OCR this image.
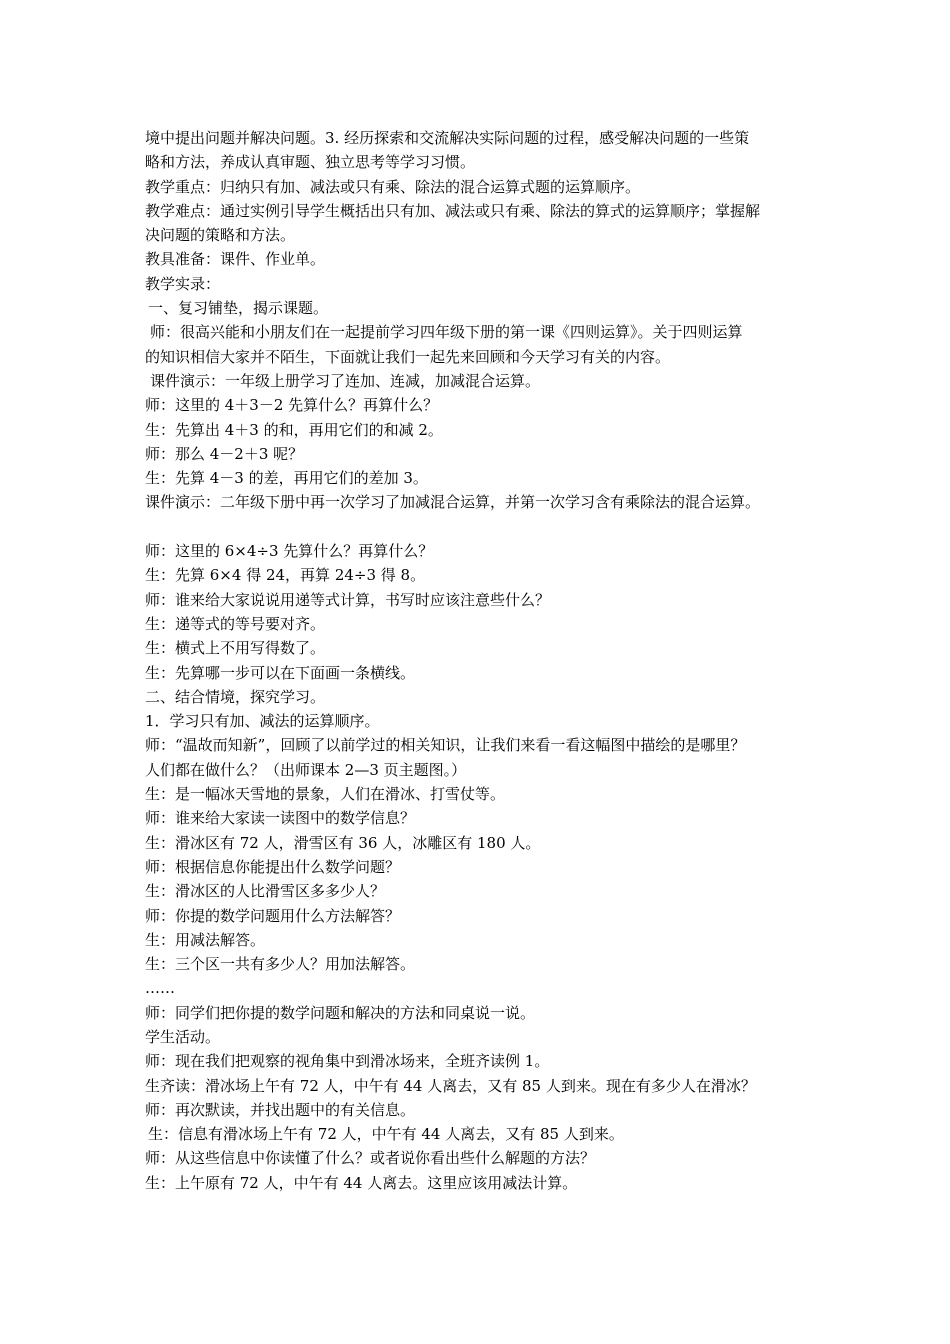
境中提出问题并解决问题。3. 经历探索和交流解决实际问题的过程，感受解决问题的一些策
略和方法，养成认真审题、独立思考等学习习惯。
教学重点：归纳只有加、减法或只有乘、除法的混合运算式题的运算顺序。
教学难点：通过实例引导学生概括出只有加、减法或只有乘、除法的算式的运算顺序；掌握解
决问题的策略和方法。
教具准备：课件、作业单。
教学实录：
一、复习铺垫，揭示课题。
师：很高兴能和小朋友们在一起提前学习四年级下册的第一课《四则运算》。关于四则运算
的知识相信大家并不陌生，下面就让我们一起先来回顾和今天学习有关的内容。
课件演示：一年级上册学习了连加、连减，加减混合运算。
师：这里的 4＋3－2 先算什么？再算什么？
生：先算出 4＋3 的和，再用它们的和减 2。
师：那么 4－2＋3 呢？
生：先算 4－3 的差，再用它们的差加 3。
课件演示：二年级下册中再一次学习了加减混合运算，并第一次学习含有乘除法的混合运算。
师：这里的 6×4÷3 先算什么？再算什么？
生：先算 6×4 得 24，再算 24÷3 得 8。
师：谁来给大家说说用递等式计算，书写时应该注意些什么？
生：递等式的等号要对齐。
生：横式上不用写得数了。
生：先算哪一步可以在下面画一条横线。
二、结合情境，探究学习。
1．学习只有加、减法的运算顺序。
师：“温故而知新”，回顾了以前学过的相关知识，让我们来看一看这幅图中描绘的是哪里？
人们都在做什么？（出师课本 2—3 页主题图。）
生：是一幅冰天雪地的景象，人们在滑冰、打雪仗等。
师：谁来给大家读一读图中的数学信息？
生：滑冰区有 72 人，滑雪区有 36 人，冰雕区有 180 人。
师：根据信息你能提出什么数学问题？
生：滑冰区的人比滑雪区多多少人？
师：你提的数学问题用什么方法解答？
生：用减法解答。
生：三个区一共有多少人？用加法解答。
……
师：同学们把你提的数学问题和解决的方法和同桌说一说。
学生活动。
师：现在我们把观察的视角集中到滑冰场来，全班齐读例 1。
生齐读：滑冰场上午有 72 人，中午有 44 人离去，又有 85 人到来。现在有多少人在滑冰？
师：再次默读，并找出题中的有关信息。
生：信息有滑冰场上午有 72 人，中午有 44 人离去，又有 85 人到来。
师：从这些信息中你读懂了什么？或者说你看出些什么解题的方法？
生：上午原有 72 人，中午有 44 人离去。这里应该用减法计算。
